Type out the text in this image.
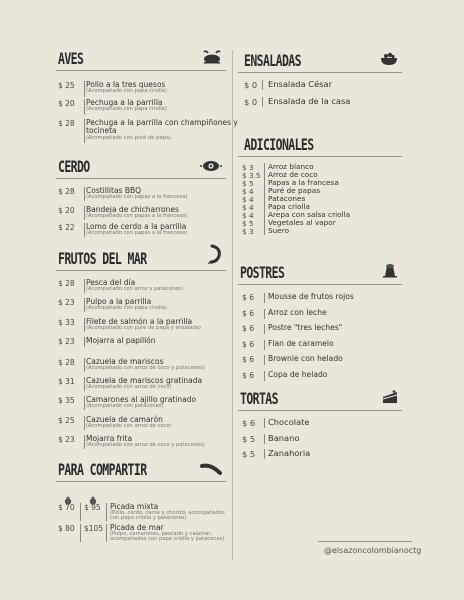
AVES
$ 25 Pollo a la tres quesos
(Acompañado con papa criolla)
$ 20 Pechuga a la parrilla
(Acompañado con papa criolla)
$ 28 Pechuga a la parrilla con champiñones y
tocineta
(Acompañado con puré de papa)
CERDO
$ 28 Costillitas BBQ
(Acompañado con papas a la francesa)
$ 20 Bandeja de chicharrones
(Acompañado con papas a la francesa)
$ 22 Lomo de cerdo a la parrilla
(Acompañado con papas a la francesa)
FRUTOS DEL MAR
$ 28 Pesca del día
(Acompañado con arroz y patacones)
$ 23 Pulpo a la parrilla
(Acompañado con papa criolla)
$ 33 Filete de salmón a la parrilla
(Acompañado con puré de papa y ensalada)
$ 23 Mojarra al papillón
$ 28 Cazuela de mariscos
(Acompañado con arroz de coco y patacones)
$ 31 Cazuela de mariscos gratinada
(Acompañado con arroz de coco)
$ 35 Camarones al ajillo gratinado
(Acompañado con patacones)
$ 25 Cazuela de camarón
(Acompañado con arroz de coco)
$ 23 Mojarra frita
(Acompañado con arroz de coco y patacones)
PARA COMPARTIR
$ 70 $ 95 Picada mixta
(Pollo, cerdo, carne y chorizo, acompañados
con papa criolla y patacones)
$ 80 $105 Picada de mar
(Pulpo, camarones, pescado y calamar,
acompañados con papa criolla y patacones)
ENSALADAS
$ 0 Ensalada César
$ 0 Ensalada de la casa
ADICIONALES
$ 3 Arroz blanco
$ 3.5 Arroz de coco
$ 5 Papas a la francesa
$ 4 Puré de papas
$ 4 Patacones
$ 4 Papa criolla
$ 4 Arepa con salsa criolla
$ 5 Vegetales al vapor
$ 3 Suero
POSTRES
$ 6 Mousse de frutos rojos
$ 6 Arroz con leche
$ 6 Postre "tres leches"
$ 6 Flan de caramelo
$ 6 Brownie con helado
$ 6 Copa de helado
TORTAS
$ 6 Chocolate
$ 5 Banano
$ 5 Zanahoria
@elsazoncolombianoctg
